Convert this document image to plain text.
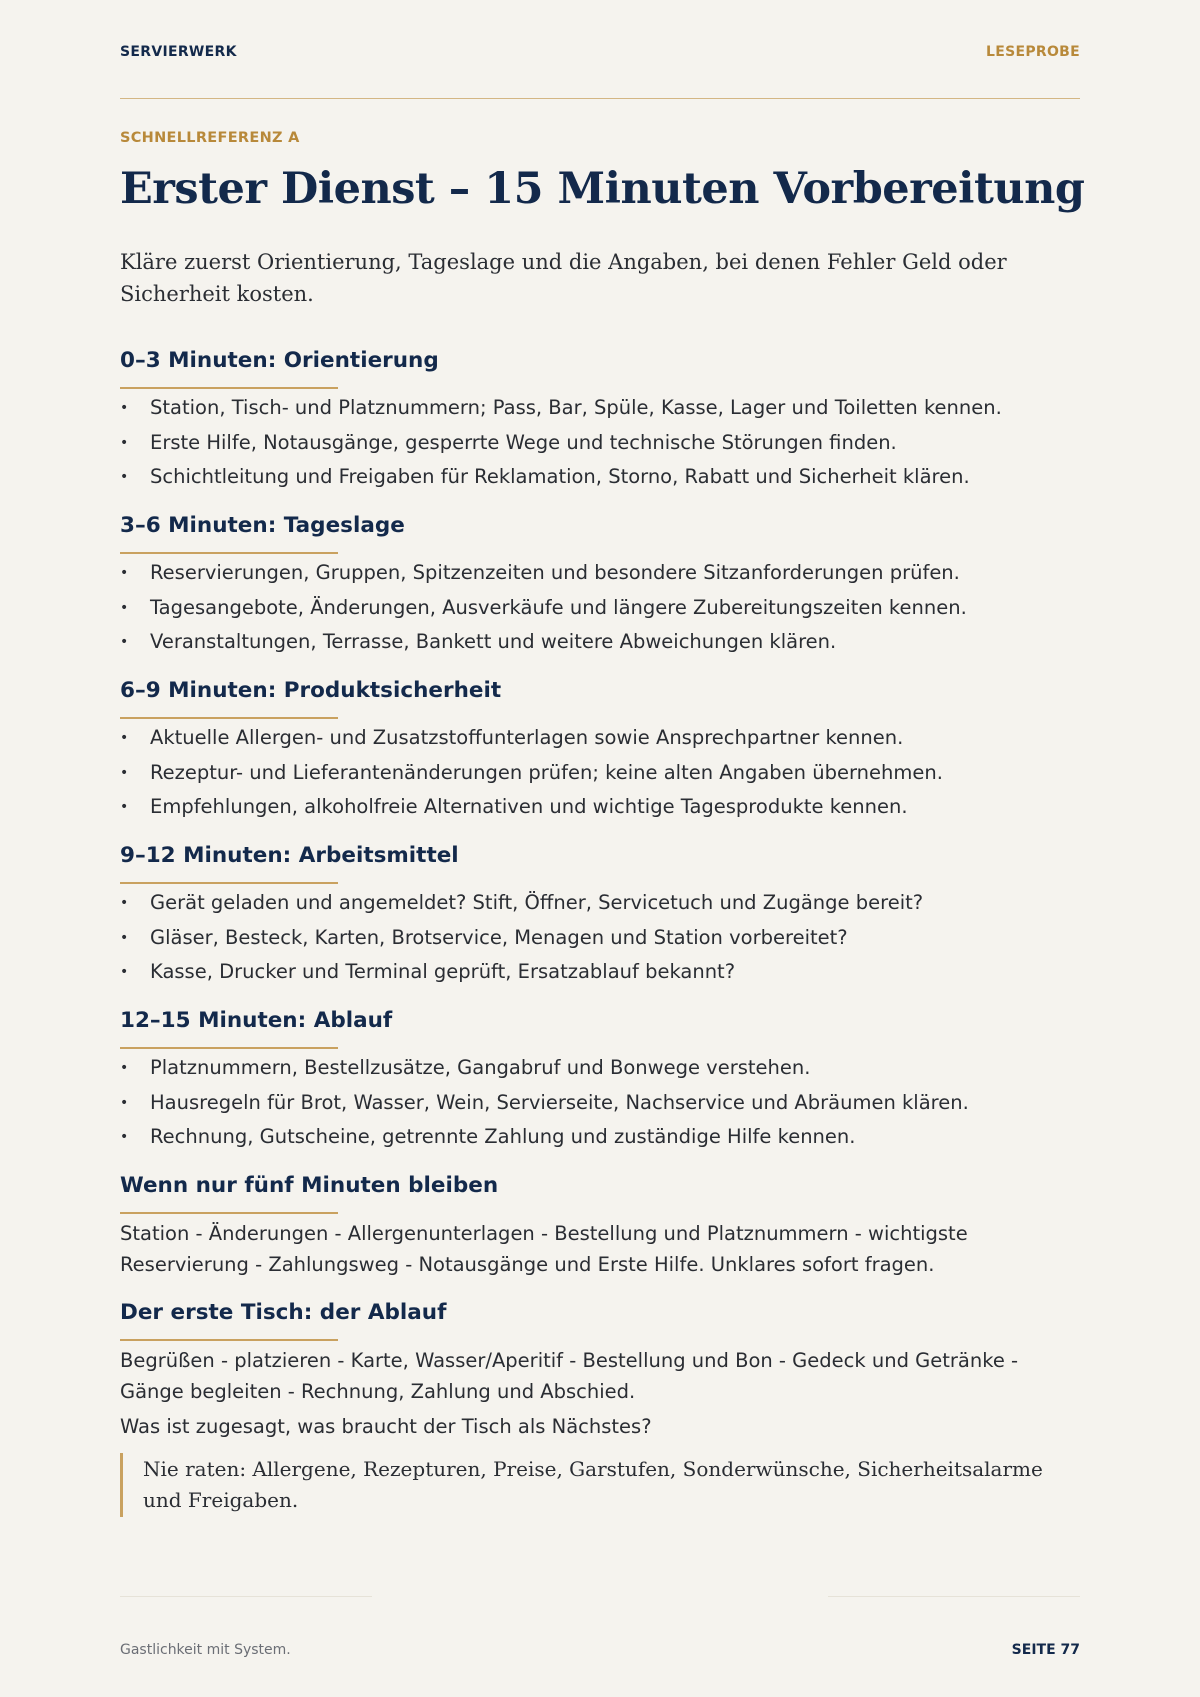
SERVIERWERK	LESEPROBE
SCHNELLREFERENZ A
Erster Dienst – 15 Minuten Vorbereitung

Kläre zuerst Orientierung, Tageslage und die Angaben, bei denen Fehler Geld oder Sicherheit kosten.

0–3 Minuten: Orientierung
• Station, Tisch- und Platznummern; Pass, Bar, Spüle, Kasse, Lager und Toiletten kennen.
• Erste Hilfe, Notausgänge, gesperrte Wege und technische Störungen finden.
• Schichtleitung und Freigaben für Reklamation, Storno, Rabatt und Sicherheit klären.
3–6 Minuten: Tageslage
• Reservierungen, Gruppen, Spitzenzeiten und besondere Sitzanforderungen prüfen.
• Tagesangebote, Änderungen, Ausverkäufe und längere Zubereitungszeiten kennen.
• Veranstaltungen, Terrasse, Bankett und weitere Abweichungen klären.
6–9 Minuten: Produktsicherheit
• Aktuelle Allergen- und Zusatzstoffunterlagen sowie Ansprechpartner kennen.
• Rezeptur- und Lieferantenänderungen prüfen; keine alten Angaben übernehmen.
• Empfehlungen, alkoholfreie Alternativen und wichtige Tagesprodukte kennen.
9–12 Minuten: Arbeitsmittel
• Gerät geladen und angemeldet? Stift, Öffner, Servicetuch und Zugänge bereit?
• Gläser, Besteck, Karten, Brotservice, Menagen und Station vorbereitet?
• Kasse, Drucker und Terminal geprüft, Ersatzablauf bekannt?
12–15 Minuten: Ablauf
• Platznummern, Bestellzusätze, Gangabruf und Bonwege verstehen.
• Hausregeln für Brot, Wasser, Wein, Servierseite, Nachservice und Abräumen klären.
• Rechnung, Gutscheine, getrennte Zahlung und zuständige Hilfe kennen.
Wenn nur fünf Minuten bleiben

Station - Änderungen - Allergenunterlagen - Bestellung und Platznummern - wichtigste Reservierung - Zahlungsweg - Notausgänge und Erste Hilfe. Unklares sofort fragen.

Der erste Tisch: der Ablauf

Begrüßen - platzieren - Karte, Wasser/Aperitif - Bestellung und Bon - Gedeck und Getränke - Gänge begleiten - Rechnung, Zahlung und Abschied.

Was ist zugesagt, was braucht der Tisch als Nächstes?

Nie raten: Allergene, Rezepturen, Preise, Garstufen, Sonderwünsche, Sicherheitsalarme und Freigaben.

Gastlichkeit mit System.	SEITE 77
